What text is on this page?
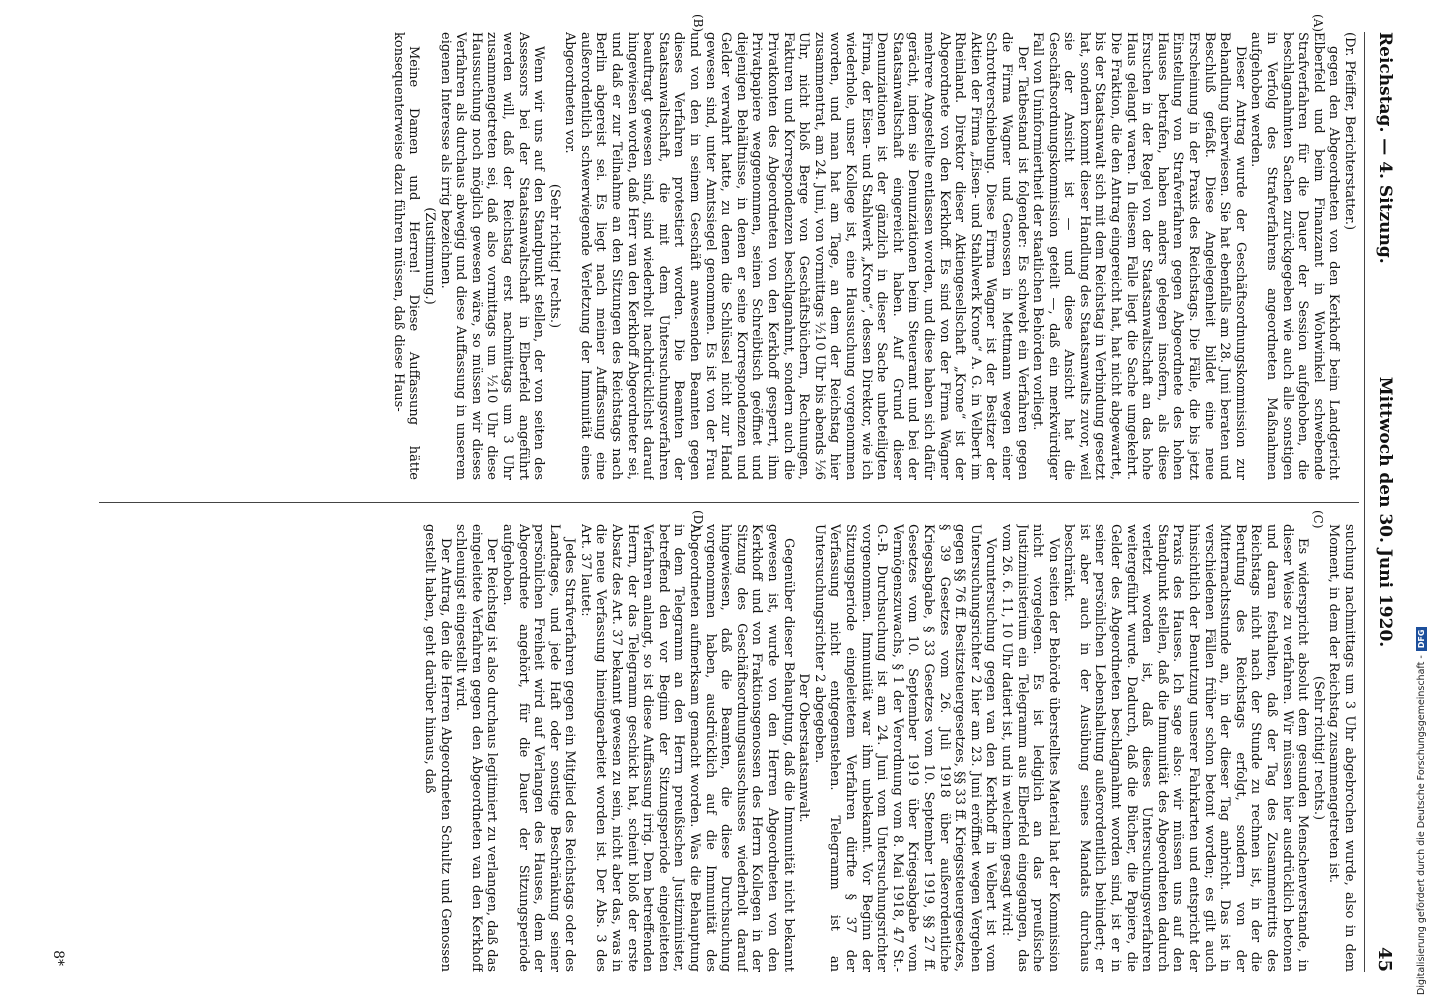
Reichstag. — 4. Sitzung.
Mittwoch den 30. Juni 1920.
45

(Dr. Pfeiffer, Berichterstatter.)

gegen den Abgeordneten von den Kerkhoff beim Landgericht Elberfeld und beim Finanzamt in Wohwinkel schwebende Strafverfahren für die Dauer der Session aufgehoben, die beschlagnahmten Sachen zurückgegeben wie auch alle sonstigen in Verfolg des Strafverfahrens angeordneten Maßnahmen aufgehoben werden.

Dieser Antrag wurde der Geschäftsordnungskommission zur Behandlung überwiesen. Sie hat ebenfalls am 28. Juni beraten und Beschluß gefaßt. Diese Angelegenheit bildet eine neue Erscheinung in der Praxis des Reichstags. Die Fälle, die bis jetzt Einstellung von Strafverfahren gegen Abgeordnete des hohen Hauses betrafen, haben anders gelegen insofern, als diese Ersuchen in der Regel von der Staatsanwaltschaft an das hohe Haus gelangt waren. In diesem Falle liegt die Sache umgekehrt. Die Fraktion, die den Antrag eingereicht hat, hat nicht abgewartet, bis der Staatsanwalt sich mit dem Reichstag in Verbindung gesetzt hat, sondern kommt dieser Handlung des Staatsanwalts zuvor, weil sie der Ansicht ist — und diese Ansicht hat die Geschäftsordnungskommission geteilt —, daß ein merkwürdiger Fall von Uninformiertheit der staatlichen Behörden vorliegt.

Der Tatbestand ist folgender: Es schwebt ein Verfahren gegen die Firma Wagner und Genossen in Mettmann wegen einer Schrottverschiebung. Diese Firma Wagner ist der Besitzer der Aktien der Firma „Eisen- und Stahlwerk Krone“ A. G. in Velbert im Rheinland. Direktor dieser Aktiengesellschaft „Krone“ ist der Abgeordnete von den Kerkhoff. Es sind von der Firma Wagner mehrere Angestellte entlassen worden, und diese haben sich dafür gerächt, indem sie Denunziationen beim Steueramt und bei der Staatsanwaltschaft eingereicht haben. Auf Grund dieser Denunziationen ist der gänzlich in dieser Sache unbeteiligten Firma, der Eisen- und Stahlwerk „Krone“, dessen Direktor, wie ich wiederhole, unser Kollege ist, eine Haussuchung vorgenommen worden, und man hat am Tage, an dem der Reichstag hier zusammentrat, am 24. Juni, von vormittags ½10 Uhr bis abends ½6 Uhr, nicht bloß Berge von Geschäftsbüchern, Rechnungen, Fakturen und Korrespondenzen beschlagnahmt, sondern auch die Privatkonten des Abgeordneten von den Kerkhoff gesperrt, ihm Privatpapiere weggenommen, seinen Schreibtisch geöffnet und diejenigen Behältnisse, in denen er seine Korrespondenzen und Gelder verwahrt hatte, zu denen die Schlüssel nicht zur Hand gewesen sind, unter Amtssiegel genommen. Es ist von der Frau und von den in seinem Geschäft anwesenden Beamten gegen dieses Verfahren protestiert worden. Die Beamten der Staatsanwaltschaft, die mit dem Untersuchungsverfahren beauftragt gewesen sind, sind wiederholt nachdrücklichst darauf hingewiesen worden, daß Herr van den Kerkhoff Abgeordneter sei, und daß er zur Teilnahme an den Sitzungen des Reichstags nach Berlin abgereist sei. Es liegt nach meiner Auffassung eine außerordentlich schwerwiegende Verletzung der Immunität eines Abgeordneten vor.

(Sehr richtig! rechts.)

Wenn wir uns auf den Standpunkt stellen, der von seiten des Assessors bei der Staatsanwaltschaft in Elberfeld angeführt werden will, daß der Reichstag erst nachmittags um 3 Uhr zusammengetreten sei, daß also vormittags um ½10 Uhr diese Haussuchung noch möglich gewesen wäre, so müssen wir dieses Verfahren als durchaus abwegig und diese Auffassung in unserem eigenen Interesse als irrig bezeichnen.

(Zustimmung.)

Meine Damen und Herren! Diese Auffassung hätte konsequenterweise dazu führen müssen, daß diese Haus-

suchung nachmittags um 3 Uhr abgebrochen wurde, also in dem Moment, in dem der Reichstag zusammengetreten ist.

(Sehr richtig! rechts.)

Es widerspricht absolut dem gesunden Menschenverstande, in dieser Weise zu verfahren. Wir müssen hier ausdrücklich betonen und daran festhalten, daß der Tag des Zusammentritts des Reichstags nicht nach der Stunde zu rechnen ist, in der die Berufung des Reichstags erfolgt, sondern von der Mitternachtsstunde an, in der dieser Tag anbricht. Das ist in verschiedenen Fällen früher schon betont worden; es gilt auch hinsichtlich der Benutzung unserer Fahrkarten und entspricht der Praxis des Hauses. Ich sage also: wir müssen uns auf den Standpunkt stellen, daß die Immunität des Abgeordneten dadurch verletzt worden ist, daß dieses Untersuchungsverfahren weitergeführt wurde. Dadurch, daß die Bücher, die Papiere, die Gelder des Abgeordneten beschlagnahmt worden sind, ist er in seiner persönlichen Lebenshaltung außerordentlich behindert; er ist aber auch in der Ausübung seines Mandats durchaus beschränkt.

Von seiten der Behörde überstelltes Material hat der Kommission nicht vorgelegen. Es ist lediglich an das preußische Justizministerium ein Telegramm aus Elberfeld eingegangen, das vom 26. 6. 11, 10 Uhr datiert ist, und in welchem gesagt wird:

Voruntersuchung gegen van den Kerkhoff in Velbert ist vom Untersuchungsrichter 2 hier am 23. Juni eröffnet wegen Vergehen gegen §§ 76 ff. Besitzsteuergesetzes, §§ 33 ff. Kriegssteuergesetzes, § 39 Gesetzes vom 26. Juli 1918 über außerordentliche Kriegsabgabe, § 33 Gesetzes vom 10. September 1919, §§ 27 ff. Gesetzes vom 10. September 1919 über Kriegsabgabe vom Vermögenszuwachs, § 1 der Verordnung vom 8. Mai 1918, 47 St.-G.-B. Durchsuchung ist am 24. Juni vom Untersuchungsrichter vorgenommen. Immunität war ihm unbekannt. Vor Beginn der Sitzungsperiode eingeleitetem Verfahren dürfte § 37 der Verfassung nicht entgegenstehen. Telegramm ist an Untersuchungsrichter 2 abgegeben.

Der Oberstaatsanwalt.

Gegenüber dieser Behauptung, daß die Immunität nicht bekannt gewesen ist, wurde von den Herren Abgeordneten von den Kerkhoff und von Fraktionsgenossen des Herrn Kollegen in der Sitzung des Geschäftsordnungsausschusses wiederholt darauf hingewiesen, daß die Beamten, die diese Durchsuchung vorgenommen haben, ausdrücklich auf die Immunität des Abgeordneten aufmerksam gemacht worden. Was die Behauptung in dem Telegramm an den Herrn preußischen Justizminister, betreffend den vor Beginn der Sitzungsperiode eingeleiteten Verfahren anlangt, so ist diese Auffassung irrig. Dem betreffenden Herrn, der das Telegramm geschickt hat, scheint bloß der erste Absatz des Art. 37 bekannt gewesen zu sein, nicht aber das, was in die neue Verfassung hineingearbeitet worden ist. Der Abs. 3 des Art. 37 lautet:

Jedes Strafverfahren gegen ein Mitglied des Reichstags oder des Landtages, und jede Haft oder sonstige Beschränkung seiner persönlichen Freiheit wird auf Verlangen des Hauses, dem der Abgeordnete angehört, für die Dauer der Sitzungsperiode aufgehoben.

Der Reichstag ist also durchaus legitimiert zu verlangen, daß das eingeleitete Verfahren gegen den Abgeordneten van den Kerkhoff schleunigst eingestellt wird.

Der Antrag, den die Herren Abgeordneten Schultz und Genossen gestellt haben, geht darüber hinaus, daß

(A)
(B)
(C)
(D)
8*	Digitalisierung gefördert durch die Deutsche Forschungsgemeinschaft -
DFG
